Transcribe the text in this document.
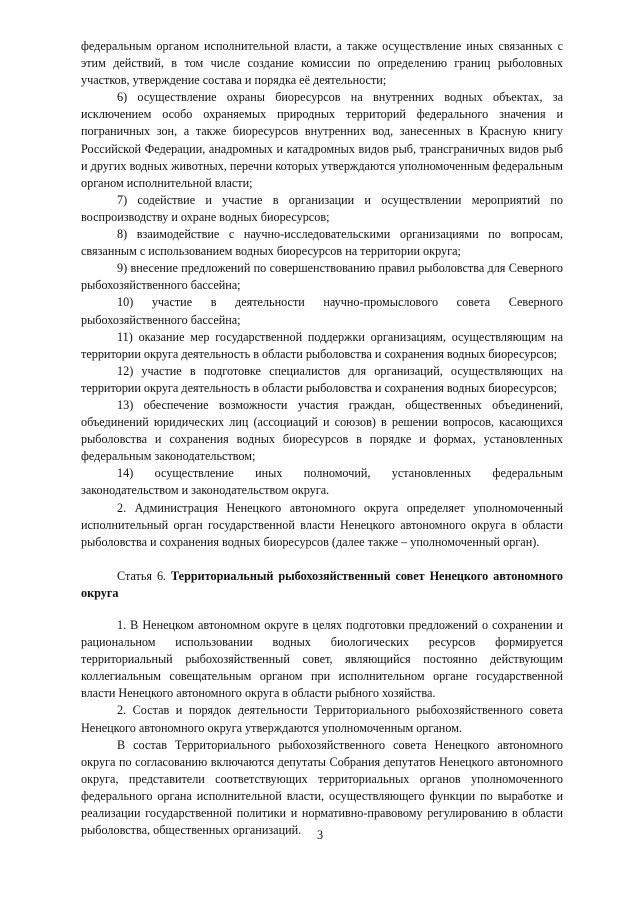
федеральным органом исполнительной власти, а также осуществление иных связанных с этим действий, в том числе создание комиссии по определению границ рыболовных участков, утверждение состава и порядка её деятельности;

6) осуществление охраны биоресурсов на внутренних водных объектах, за исключением особо охраняемых природных территорий федерального значения и пограничных зон, а также биоресурсов внутренних вод, занесенных в Красную книгу Российской Федерации, анадромных и катадромных видов рыб, трансграничных видов рыб и других водных животных, перечни которых утверждаются уполномоченным федеральным органом исполнительной власти;

7) содействие и участие в организации и осуществлении мероприятий по воспроизводству и охране водных биоресурсов;

8) взаимодействие с научно-исследовательскими организациями по вопросам, связанным с использованием водных биоресурсов на территории округа;

9) внесение предложений по совершенствованию правил рыболовства для Северного рыбохозяйственного бассейна;

10) участие в деятельности научно-промыслового совета Северного рыбохозяйственного бассейна;

11) оказание мер государственной поддержки организациям, осуществляющим на территории округа деятельность в области рыболовства и сохранения водных биоресурсов;

12) участие в подготовке специалистов для организаций, осуществляющих на территории округа деятельность в области рыболовства и сохранения водных биоресурсов;

13) обеспечение возможности участия граждан, общественных объединений, объединений юридических лиц (ассоциаций и союзов) в решении вопросов, касающихся рыболовства и сохранения водных биоресурсов в порядке и формах, установленных федеральным законодательством;

14) осуществление иных полномочий, установленных федеральным законодательством и законодательством округа.

2. Администрация Ненецкого автономного округа определяет уполномоченный исполнительный орган государственной власти Ненецкого автономного округа в области рыболовства и сохранения водных биоресурсов (далее также – уполномоченный орган).

Статья 6. Территориальный рыбохозяйственный совет Ненецкого автономного округа

1. В Ненецком автономном округе в целях подготовки предложений о сохранении и рациональном использовании водных биологических ресурсов формируется территориальный рыбохозяйственный совет, являющийся постоянно действующим коллегиальным совещательным органом при исполнительном органе государственной власти Ненецкого автономного округа в области рыбного хозяйства.

2. Состав и порядок деятельности Территориального рыбохозяйственного совета Ненецкого автономного округа утверждаются уполномоченным органом.

В состав Территориального рыбохозяйственного совета Ненецкого автономного округа по согласованию включаются депутаты Собрания депутатов Ненецкого автономного округа, представители соответствующих территориальных органов уполномоченного федерального органа исполнительной власти, осуществляющего функции по выработке и реализации государственной политики и нормативно-правовому регулированию в области рыболовства, общественных организаций.	3
